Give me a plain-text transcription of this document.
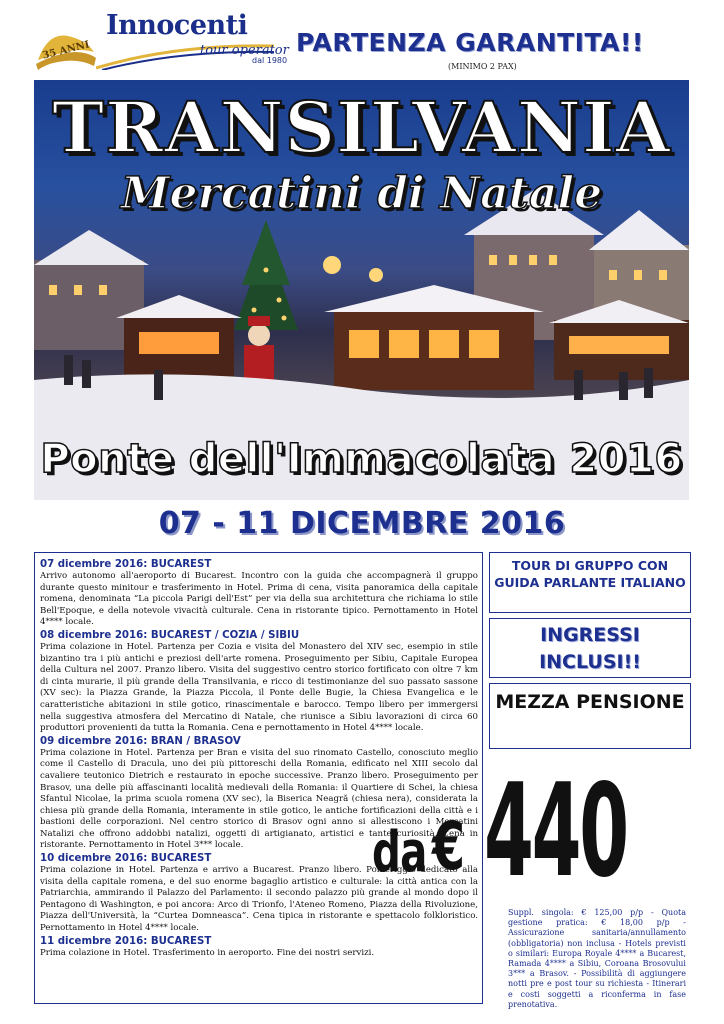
35 ANNI
Innocenti
tour operator
dal 1980
PARTENZA GARANTITA!!
(MINIMO 2 PAX)
TRANSILVANIA
Mercatini di Natale
Ponte dell'Immacolata 2016
07 - 11 DICEMBRE 2016
07 dicembre 2016: BUCAREST
Arrivo autonomo all'aeroporto di Bucarest. Incontro con la guida che accompagnerà il gruppo durante questo minitour e trasferimento in Hotel. Prima di cena, visita panoramica della capitale romena, denominata “La piccola Parigi dell'Est” per via della sua architettura che richiama lo stile Bell'Epoque, e della notevole vivacità culturale. Cena in ristorante tipico. Pernottamento in Hotel 4**** locale.
08 dicembre 2016: BUCAREST / COZIA / SIBIU
Prima colazione in Hotel. Partenza per Cozia e visita del Monastero del XIV sec, esempio in stile bizantino tra i più antichi e preziosi dell'arte romena. Proseguimento per Sibiu, Capitale Europea della Cultura nel 2007. Pranzo libero. Visita del suggestivo centro storico fortificato con oltre 7 km di cinta murarie, il più grande della Transilvania, e ricco di testimonianze del suo passato sassone (XV sec): la Piazza Grande, la Piazza Piccola, il Ponte delle Bugie, la Chiesa Evangelica e le caratteristiche abitazioni in stile gotico, rinascimentale e barocco. Tempo libero per immergersi nella suggestiva atmosfera del Mercatino di Natale, che riunisce a Sibiu lavorazioni di circa 60 produttori provenienti da tutta la Romania. Cena e pernottamento in Hotel 4**** locale.
09 dicembre 2016: BRAN / BRASOV
Prima colazione in Hotel. Partenza per Bran e visita del suo rinomato Castello, conosciuto meglio come il Castello di Dracula, uno dei più pittoreschi della Romania, edificato nel XIII secolo dal cavaliere teutonico Dietrich e restaurato in epoche successive. Pranzo libero. Proseguimento per Brasov, una delle più affascinanti località medievali della Romania: il Quartiere di Schei, la chiesa Sfantul Nicolae, la prima scuola romena (XV sec), la Biserica Neagră (chiesa nera), considerata la chiesa più grande della Romania, interamente in stile gotico, le antiche fortificazioni della città e i bastioni delle corporazioni. Nel centro storico di Brasov ogni anno si allestiscono i Mercatini Natalizi che offrono addobbi natalizi, oggetti di artigianato, artistici e tante curiosità. Cena in ristorante. Pernottamento in Hotel 3*** locale.
10 dicembre 2016: BUCAREST
Prima colazione in Hotel. Partenza e arrivo a Bucarest. Pranzo libero. Pomeriggio dedicato alla visita della capitale romena, e del suo enorme bagaglio artistico e culturale: la città antica con la Patriarchia, ammirando il Palazzo del Parlamento: il secondo palazzo più grande al mondo dopo il Pentagono di Washington, e poi ancora: Arco di Trionfo, l'Ateneo Romeno, Piazza della Rivoluzione, Piazza dell'Università, la “Curtea Domneasca”. Cena tipica in ristorante e spettacolo folkloristico. Pernottamento in Hotel 4**** locale.
11 dicembre 2016: BUCAREST
Prima colazione in Hotel. Trasferimento in aeroporto. Fine dei nostri servizi.
TOUR DI GRUPPO CON GUIDA PARLANTE ITALIANO
INGRESSI INCLUSI!!
MEZZA PENSIONE
da € 440
Suppl. singola: € 125,00 p/p - Quota gestione pratica: € 18,00 p/p - Assicurazione sanitaria/annullamento (obbligatoria) non inclusa - Hotels previsti o similari: Europa Royale 4**** a Bucarest, Ramada 4**** a Sibiu, Coroana Brosovului 3*** a Brasov. - Possibilità di aggiungere notti pre e post tour su richiesta - Itinerari e costi soggetti a riconferma in fase prenotativa.
